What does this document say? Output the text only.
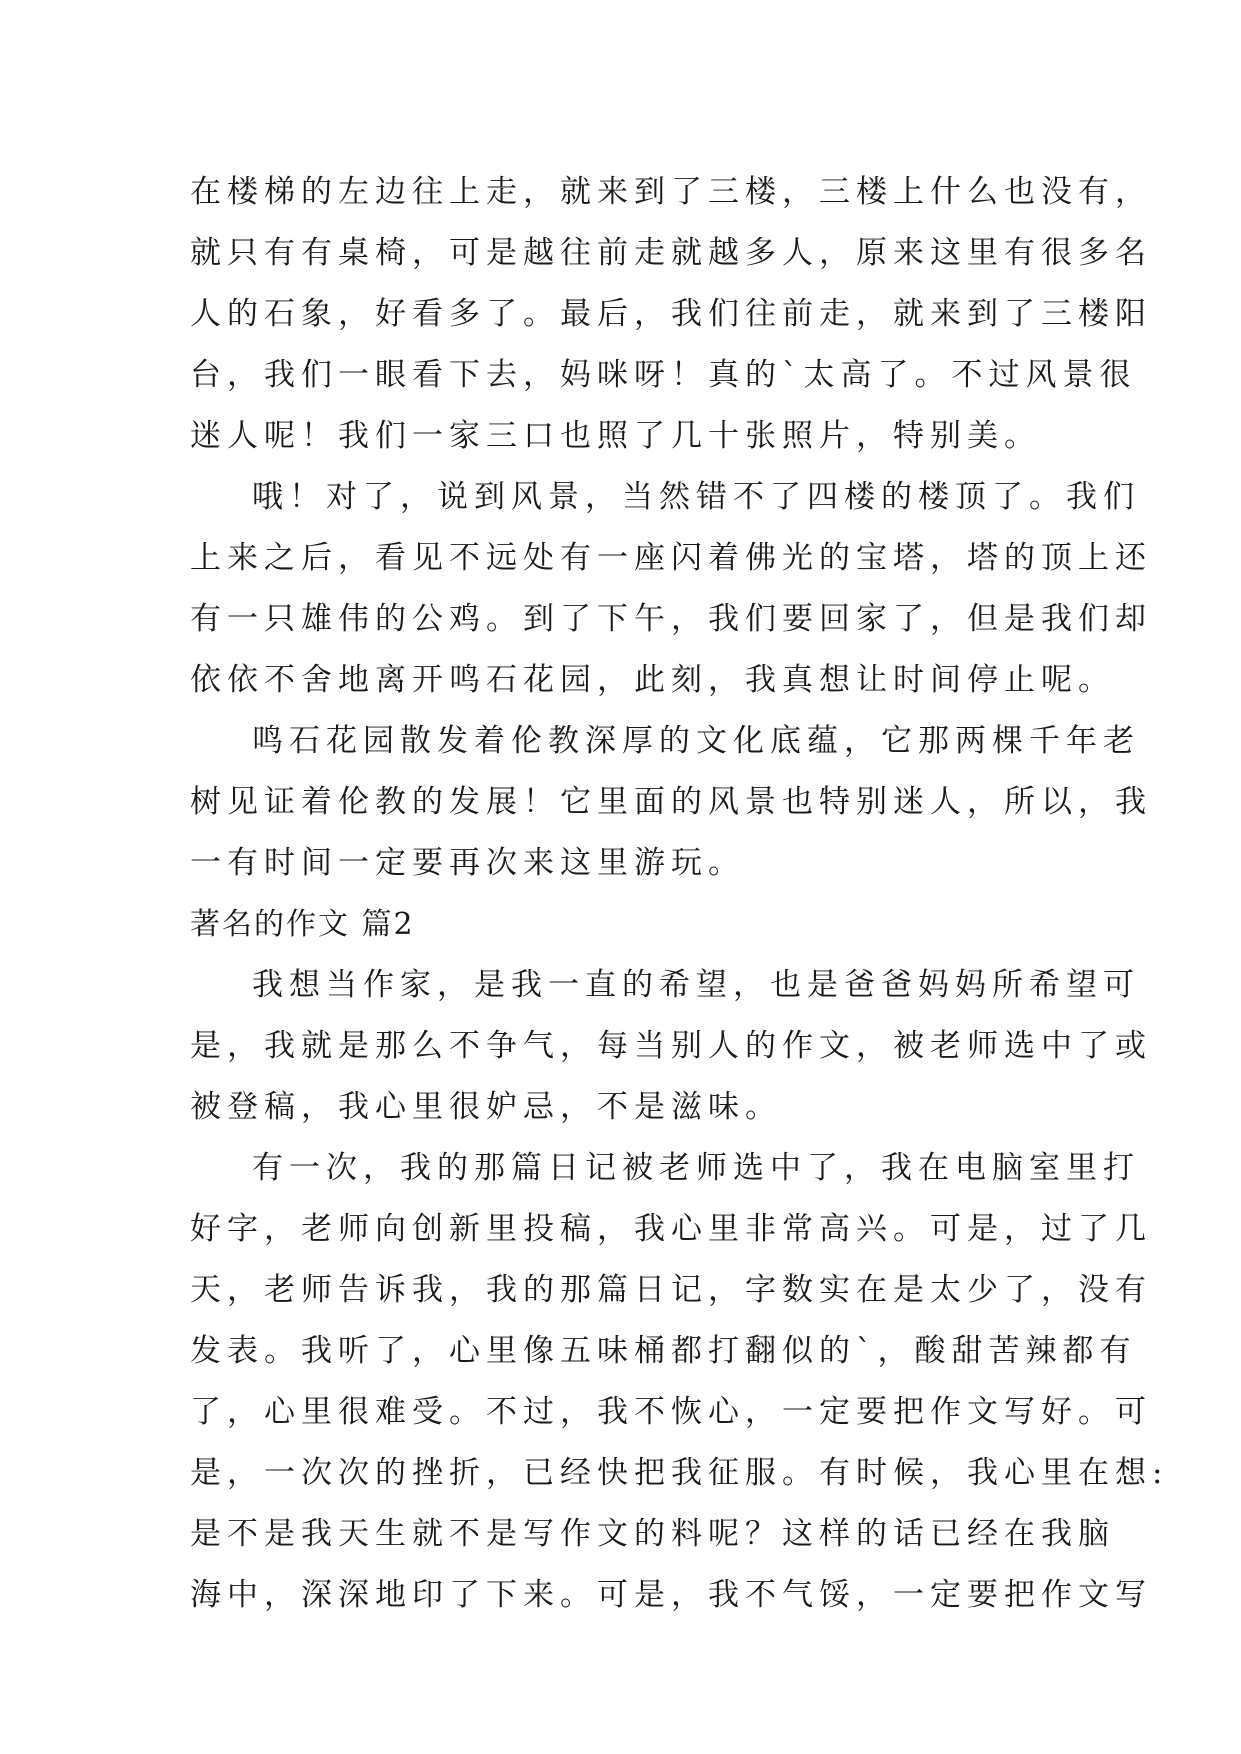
在楼梯的左边往上走，就来到了三楼，三楼上什么也没有，
就只有有桌椅，可是越往前走就越多人，原来这里有很多名
人的石象，好看多了。最后，我们往前走，就来到了三楼阳
台，我们一眼看下去，妈咪呀！真的`太高了。不过风景很
迷人呢！我们一家三口也照了几十张照片，特别美。
哦！对了，说到风景，当然错不了四楼的楼顶了。我们
上来之后，看见不远处有一座闪着佛光的宝塔，塔的顶上还
有一只雄伟的公鸡。到了下午，我们要回家了，但是我们却
依依不舍地离开鸣石花园，此刻，我真想让时间停止呢。
鸣石花园散发着伦教深厚的文化底蕴，它那两棵千年老
树见证着伦教的发展！它里面的风景也特别迷人，所以，我
一有时间一定要再次来这里游玩。
著名的作文 篇2
我想当作家，是我一直的希望，也是爸爸妈妈所希望可
是，我就是那么不争气，每当别人的作文，被老师选中了或
被登稿，我心里很妒忌，不是滋味。
有一次，我的那篇日记被老师选中了，我在电脑室里打
好字，老师向创新里投稿，我心里非常高兴。可是，过了几
天，老师告诉我，我的那篇日记，字数实在是太少了，没有
发表。我听了，心里像五味桶都打翻似的`，酸甜苦辣都有
了，心里很难受。不过，我不恢心，一定要把作文写好。可
是，一次次的挫折，已经快把我征服。有时候，我心里在想:
是不是我天生就不是写作文的料呢？这样的话已经在我脑
海中，深深地印了下来。可是，我不气馁，一定要把作文写
